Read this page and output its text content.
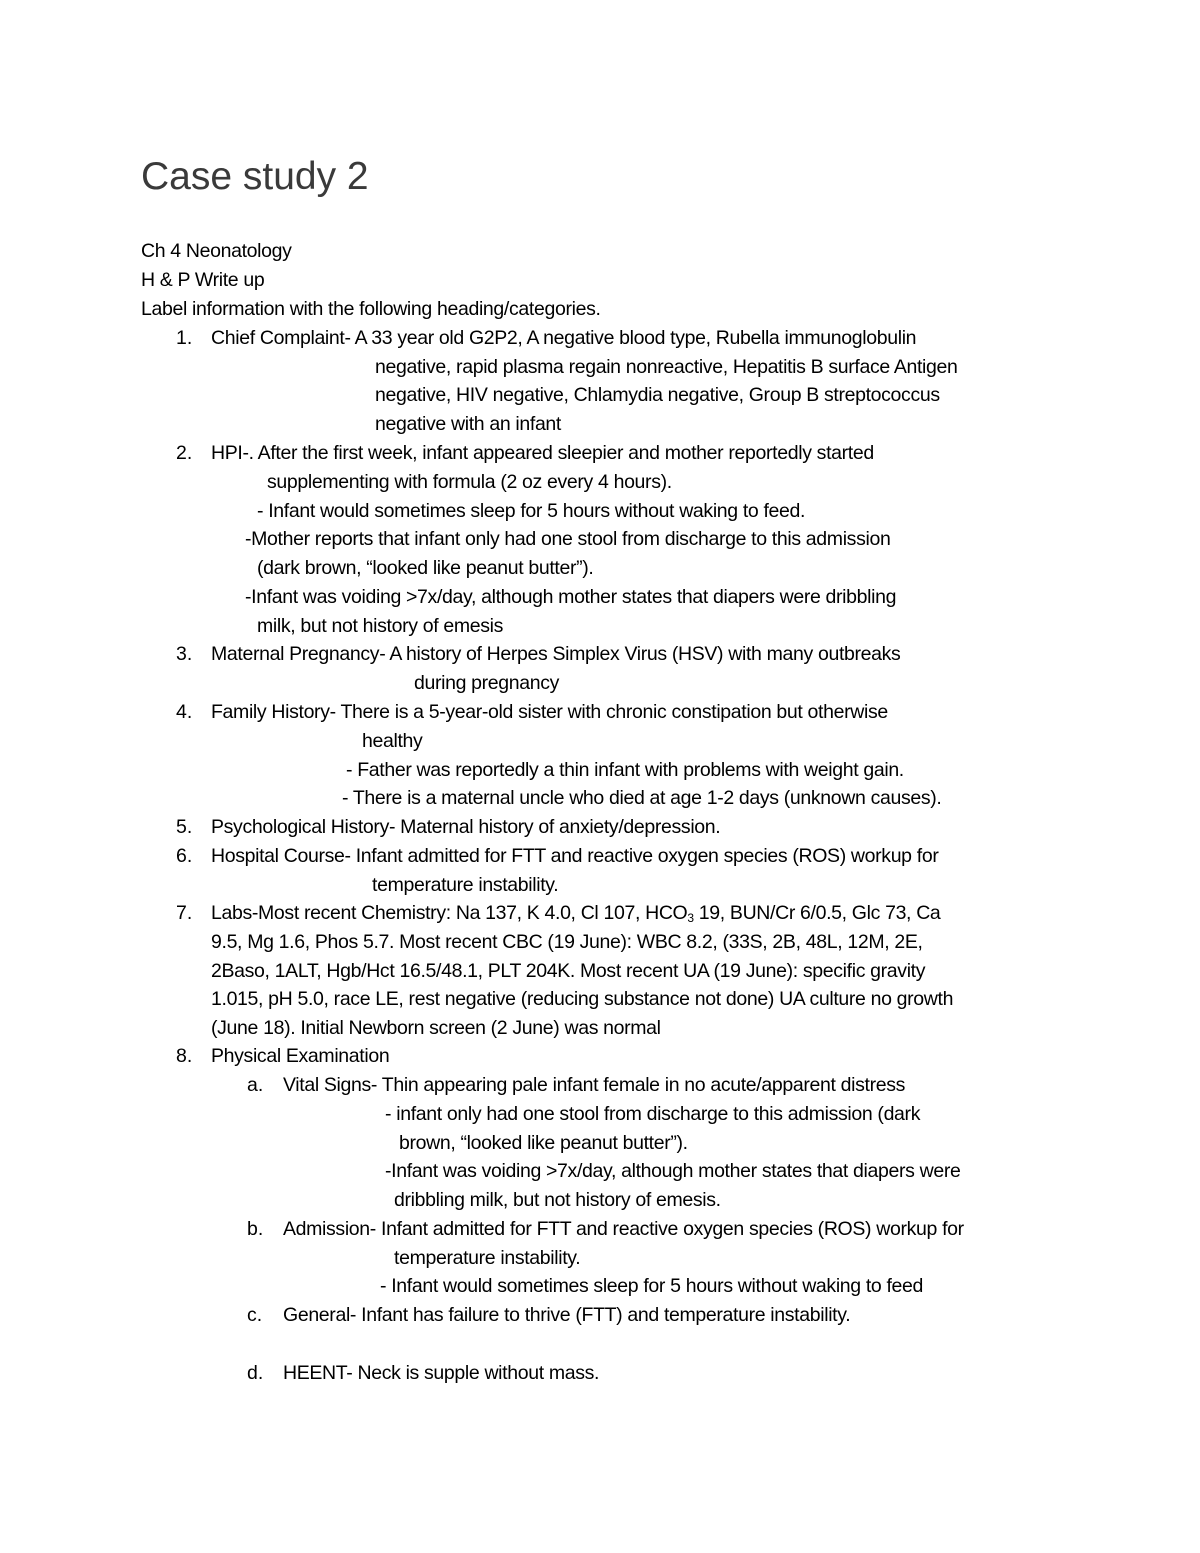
Case study 2
Ch 4 Neonatology
H & P Write up
Label information with the following heading/categories.
1. Chief Complaint- A 33 year old G2P2, A negative blood type, Rubella immunoglobulin
negative, rapid plasma regain nonreactive, Hepatitis B surface Antigen
negative, HIV negative, Chlamydia negative, Group B streptococcus
negative with an infant
2. HPI-. After the first week, infant appeared sleepier and mother reportedly started
supplementing with formula (2 oz every 4 hours).
- Infant would sometimes sleep for 5 hours without waking to feed.
-Mother reports that infant only had one stool from discharge to this admission
(dark brown, “looked like peanut butter”).
-Infant was voiding >7x/day, although mother states that diapers were dribbling
milk, but not history of emesis
3. Maternal Pregnancy- A history of Herpes Simplex Virus (HSV) with many outbreaks
during pregnancy
4. Family History- There is a 5-year-old sister with chronic constipation but otherwise
healthy
- Father was reportedly a thin infant with problems with weight gain.
- There is a maternal uncle who died at age 1-2 days (unknown causes).
5. Psychological History- Maternal history of anxiety/depression.
6. Hospital Course- Infant admitted for FTT and reactive oxygen species (ROS) workup for
temperature instability.
7. Labs-Most recent Chemistry: Na 137, K 4.0, Cl 107, $HCO_3$ 19, BUN/Cr 6/0.5, Glc 73, Ca
9.5, Mg 1.6, Phos 5.7. Most recent CBC (19 June): WBC 8.2, (33S, 2B, 48L, 12M, 2E,
2Baso, 1ALT, Hgb/Hct 16.5/48.1, PLT 204K. Most recent UA (19 June): specific gravity
1.015, pH 5.0, race LE, rest negative (reducing substance not done) UA culture no growth
(June 18). Initial Newborn screen (2 June) was normal
8. Physical Examination
a. Vital Signs- Thin appearing pale infant female in no acute/apparent distress
- infant only had one stool from discharge to this admission (dark
brown, “looked like peanut butter”).
-Infant was voiding >7x/day, although mother states that diapers were
dribbling milk, but not history of emesis.
b. Admission- Infant admitted for FTT and reactive oxygen species (ROS) workup for
temperature instability.
- Infant would sometimes sleep for 5 hours without waking to feed
c. General- Infant has failure to thrive (FTT) and temperature instability.
d. HEENT- Neck is supple without mass.
